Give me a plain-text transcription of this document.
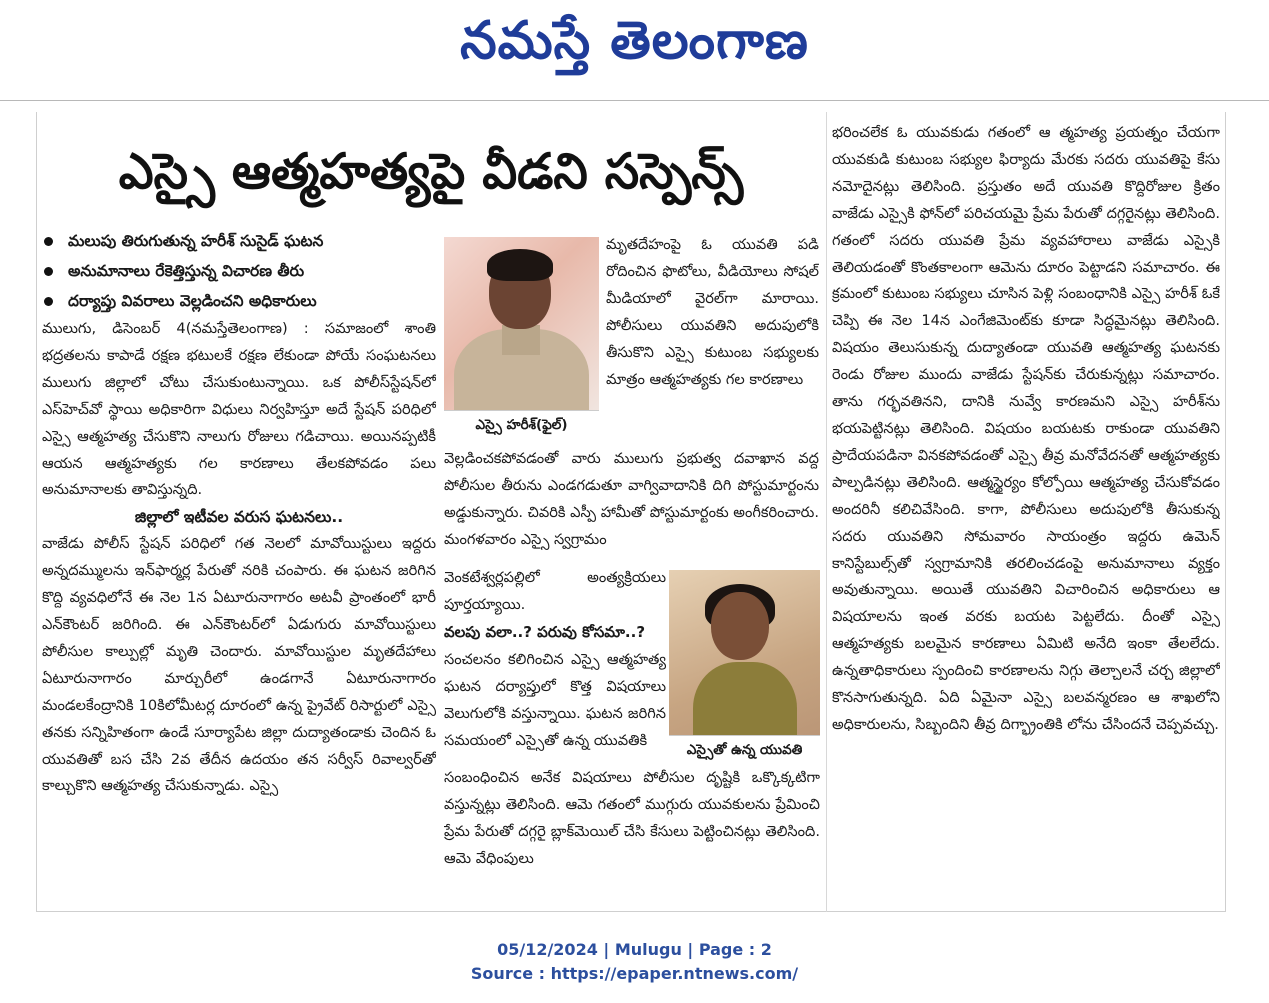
నమస్తే తెలంగాణ
ఎస్సై ఆత్మహత్యపై వీడని సస్పెన్స్
మలుపు తిరుగుతున్న హరీశ్ సుసైడ్ ఘటన
అనుమానాలు రేకెత్తిస్తున్న విచారణ తీరు
దర్యాప్తు వివరాలు వెల్లడించని అధికారులు

ములుగు, డిసెంబర్ 4(నమస్తేతెలంగాణ) : సమాజంలో శాంతి భద్రతలను కాపాడే రక్షణ భటులకే రక్షణ లేకుండా పోయే సంఘటనలు ములుగు జిల్లాలో చోటు చేసుకుంటున్నాయి. ఒక పోలీస్‌స్టేషన్‌లో ఎస్‌హెచ్‌వో స్థాయి అధికారిగా విధులు నిర్వహిస్తూ అదే స్టేషన్ పరిధిలో ఎస్సై ఆత్మహత్య చేసుకొని నాలుగు రోజులు గడిచాయి. అయినప్పటికీ ఆయన ఆత్మహత్యకు గల కారణాలు తేలకపోవడం పలు అనుమానాలకు తావిస్తున్నది.

జిల్లాలో ఇటీవల వరుస ఘటనలు..

వాజేడు పోలీస్ స్టేషన్ పరిధిలో గత నెలలో మావోయిస్టులు ఇద్దరు అన్నదమ్ములను ఇన్‌ఫార్మర్ల పేరుతో నరికి చంపారు. ఈ ఘటన జరిగిన కొద్ది వ్యవధిలోనే ఈ నెల 1న ఏటూరునాగారం అటవీ ప్రాంతంలో భారీ ఎన్‌కౌంటర్ జరిగింది. ఈ ఎన్‌కౌంటర్‌లో ఏడుగురు మావోయిస్టులు పోలీసుల కాల్పుల్లో మృతి చెందారు. మావోయిస్టుల మృతదేహాలు ఏటూరునాగారం మార్చురీలో ఉండగానే ఏటూరునాగారం మండలకేంద్రానికి 10కిలోమీటర్ల దూరంలో ఉన్న ప్రైవేట్ రిసార్టులో ఎస్సై తనకు సన్నిహితంగా ఉండే సూర్యాపేట జిల్లా దుద్యాతండాకు చెందిన ఓ యువతితో బస చేసి 2వ తేదీన ఉదయం తన సర్వీస్ రివాల్వర్‌తో కాల్చుకొని ఆత్మహత్య చేసుకున్నాడు. ఎస్సై

ఎస్సై హరీశ్(ఫైల్)

మృతదేహంపై ఓ యువతి పడి రోదించిన ఫొటోలు, వీడియోలు సోషల్ మీడియాలో వైరల్‌గా మారాయి. పోలీసులు యువతిని అదుపులోకి తీసుకొని ఎస్సై కుటుంబ సభ్యులకు మాత్రం ఆత్మహత్యకు గల కారణాలు

వెల్లడించకపోవడంతో వారు ములుగు ప్రభుత్వ దవాఖాన వద్ద పోలీసుల తీరును ఎండగడుతూ వాగ్వివాదానికి దిగి పోస్టుమార్టంను అడ్డుకున్నారు. చివరికి ఎస్పీ హామీతో పోస్టుమార్టంకు అంగీకరించారు. మంగళవారం ఎస్సై స్వగ్రామం

వెంకటేశ్వర్లపల్లిలో అంత్యక్రియలు పూర్తయ్యాయి.

వలపు వలా..? పరువు కోసమా..?

సంచలనం కలిగించిన ఎస్సై ఆత్మహత్య ఘటన దర్యాప్తులో కొత్త విషయాలు వెలుగులోకి వస్తున్నాయి. ఘటన జరిగిన సమయంలో ఎస్సైతో ఉన్న యువతికి

ఎస్సైతో ఉన్న యువతి

సంబంధించిన అనేక విషయాలు పోలీసుల దృష్టికి ఒక్కొక్కటిగా వస్తున్నట్లు తెలిసింది. ఆమె గతంలో ముగ్గురు యువకులను ప్రేమించి ప్రేమ పేరుతో దగ్గరై బ్లాక్‌మెయిల్ చేసి కేసులు పెట్టించినట్లు తెలిసింది. ఆమె వేధింపులు

భరించలేక ఓ యువకుడు గతంలో ఆ త్మహత్య ప్రయత్నం చేయగా యువకుడి కుటుంబ సభ్యుల ఫిర్యాదు మేరకు సదరు యువతిపై కేసు నమోదైనట్లు తెలిసింది. ప్రస్తుతం అదే యువతి కొద్దిరోజుల క్రితం వాజేడు ఎస్సైకి ఫోన్‌లో పరిచయమై ప్రేమ పేరుతో దగ్గరైనట్లు తెలిసింది. గతంలో సదరు యువతి ప్రేమ వ్యవహారాలు వాజేడు ఎస్సైకి తెలియడంతో కొంతకాలంగా ఆమెను దూరం పెట్టాడని సమాచారం. ఈ క్రమంలో కుటుంబ సభ్యులు చూసిన పెళ్లి సంబంధానికి ఎస్సై హరీశ్ ఓకే చెప్పి ఈ నెల 14న ఎంగేజిమెంట్‌కు కూడా సిద్ధమైనట్లు తెలిసింది. విషయం తెలుసుకున్న దుద్యాతండా యువతి ఆత్మహత్య ఘటనకు రెండు రోజుల ముందు వాజేడు స్టేషన్‌కు చేరుకున్నట్లు సమాచారం. తాను గర్భవతినని, దానికి నువ్వే కారణమని ఎస్సై హరీశ్‌ను భయపెట్టినట్లు తెలిసింది. విషయం బయటకు రాకుండా యువతిని ప్రాదేయపడినా వినకపోవడంతో ఎస్సై తీవ్ర మనోవేదనతో ఆత్మహత్యకు పాల్పడినట్లు తెలిసింది. ఆత్మస్థైర్యం కోల్పోయి ఆత్మహత్య చేసుకోవడం అందరినీ కలిచివేసింది. కాగా, పోలీసులు అదుపులోకి తీసుకున్న సదరు యువతిని సోమవారం సాయంత్రం ఇద్దరు ఉమెన్ కానిస్టేబుల్స్‌తో స్వగ్రామానికి తరలించడంపై అనుమానాలు వ్యక్తం అవుతున్నాయి. అయితే యువతిని విచారించిన అధికారులు ఆ విషయాలను ఇంత వరకు బయట పెట్టలేదు. దీంతో ఎస్సై ఆత్మహత్యకు బలమైన కారణాలు ఏమిటి అనేది ఇంకా తేలలేదు. ఉన్నతాధికారులు స్పందించి కారణాలను నిగ్గు తెల్చాలనే చర్చ జిల్లాలో కొనసాగుతున్నది. ఏది ఏమైనా ఎస్సై బలవన్మరణం ఆ శాఖలోని అధికారులను, సిబ్బందిని తీవ్ర దిగ్భ్రాంతికి లోను చేసిందనే చెప్పవచ్చు.

05/12/2024 | Mulugu | Page : 2
Source : https://epaper.ntnews.com/
